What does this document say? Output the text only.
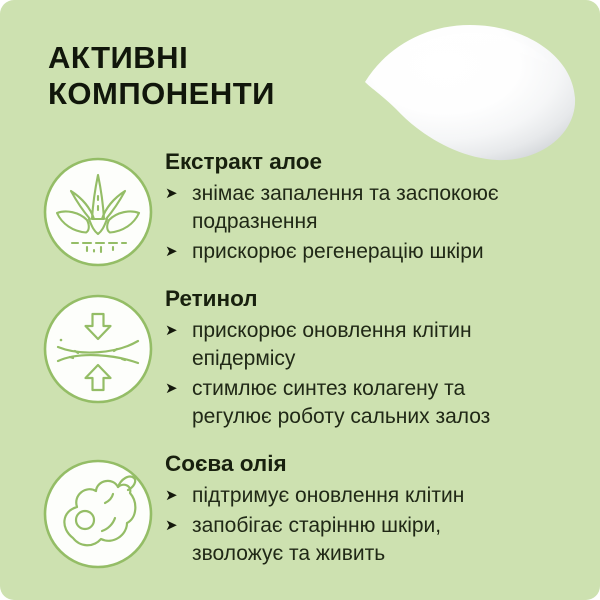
АКТИВНІ КОМПОНЕНТИ
Екстракт алое
➤ знімає запалення та заспокоює подразнення
➤ прискорює регенерацію шкіри
Ретинол
➤ прискорює оновлення клітин епідермісу
➤ стимлює синтез колагену та регулює роботу сальних залоз
Соєва олія
➤ підтримує оновлення клітин
➤ запобігає старінню шкіри, зволожує та живить
